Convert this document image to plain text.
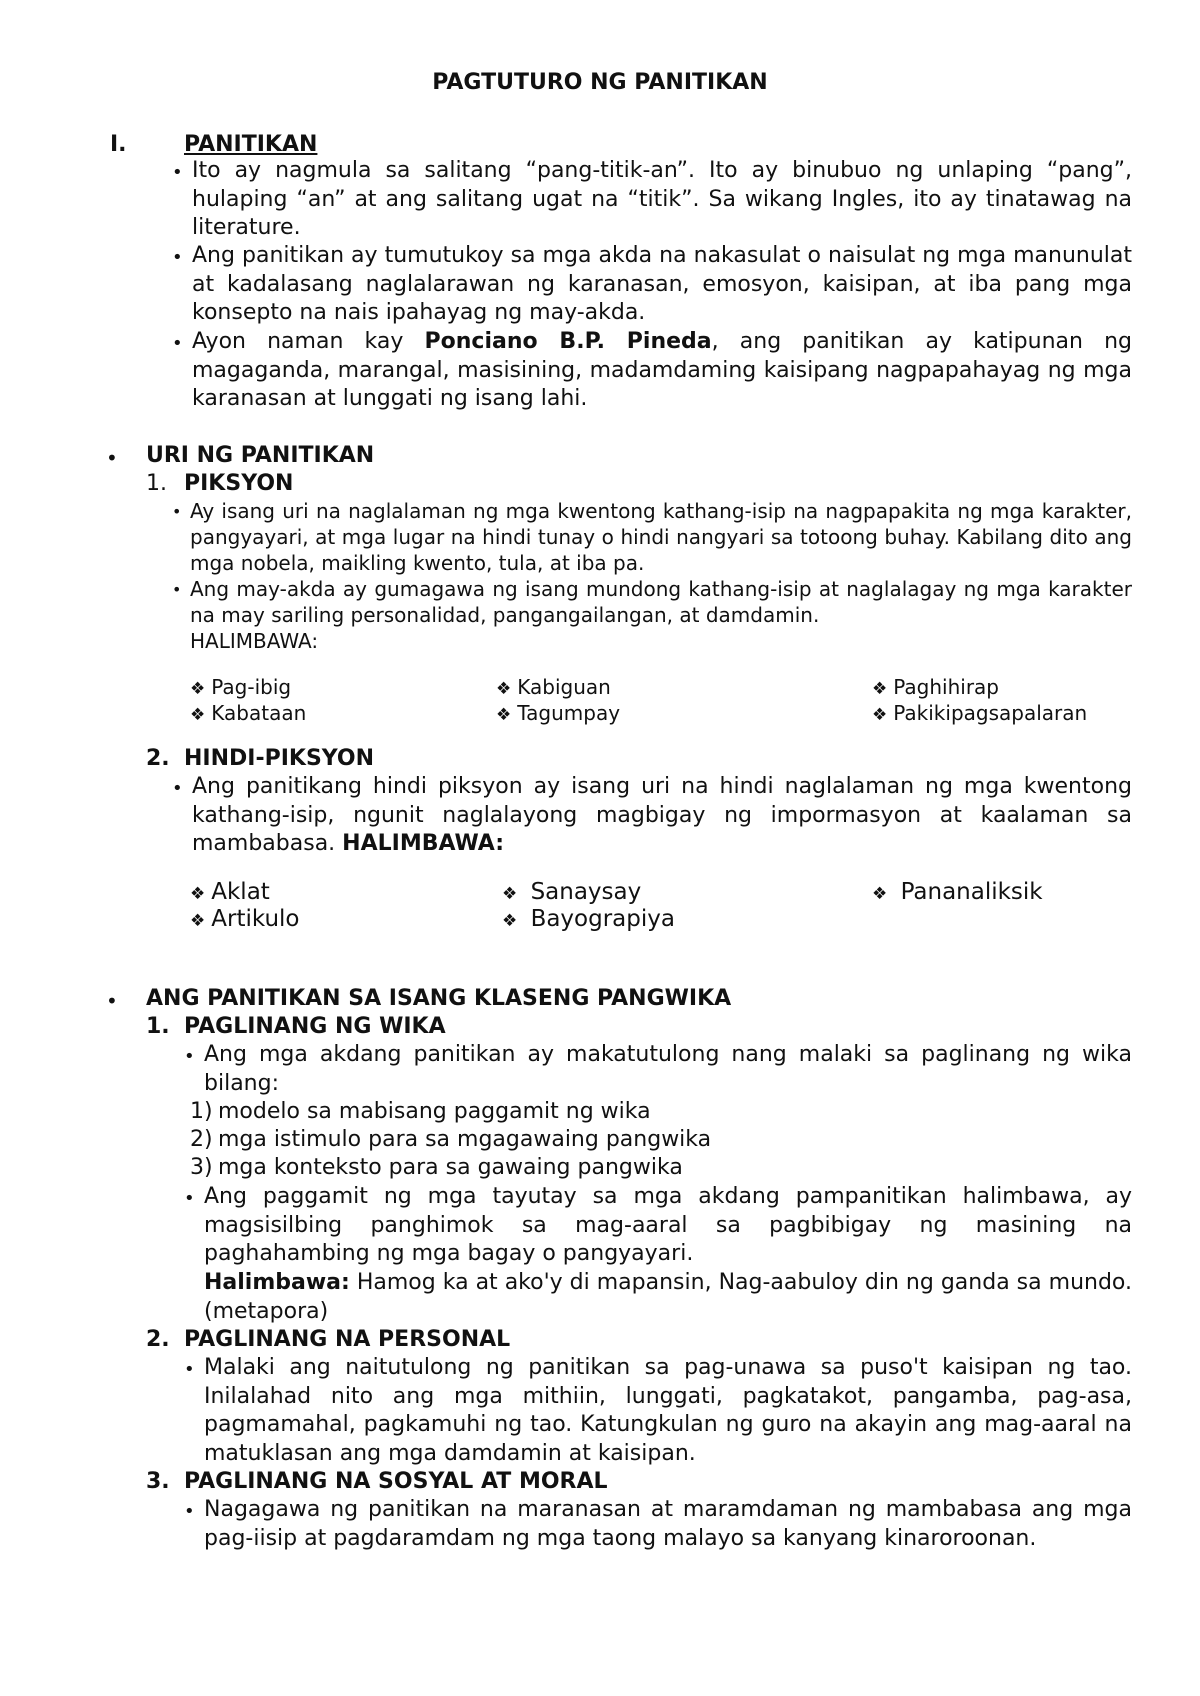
PAGTUTURO NG PANITIKAN
I.	PANITIKAN
• Ito ay nagmula sa salitang “pang-titik-an”. Ito ay binubuo ng unlaping “pang”, hulaping “an” at ang salitang ugat na “titik”. Sa wikang Ingles, ito ay tinatawag na literature.
• Ang panitikan ay tumutukoy sa mga akda na nakasulat o naisulat ng mga manunulat at kadalasang naglalarawan ng karanasan, emosyon, kaisipan, at iba pang mga konsepto na nais ipahayag ng may-akda.
• Ayon naman kay Ponciano B.P. Pineda, ang panitikan ay katipunan ng magaganda, marangal, masisining, madamdaming kaisipang nagpapahayag ng mga karanasan at lunggati ng isang lahi.
• URI NG PANITIKAN
1. PIKSYON
• Ay isang uri na naglalaman ng mga kwentong kathang-isip na nagpapakita ng mga karakter, pangyayari, at mga lugar na hindi tunay o hindi nangyari sa totoong buhay. Kabilang dito ang mga nobela, maikling kwento, tula, at iba pa.
• Ang may-akda ay gumagawa ng isang mundong kathang-isip at naglalagay ng mga karakter na may sariling personalidad, pangangailangan, at damdamin.
HALIMBAWA:
❖ Pag-ibig	❖ Kabiguan	❖ Paghihirap
❖ Kabataan	❖ Tagumpay	❖ Pakikipagsapalaran
2. HINDI-PIKSYON
• Ang panitikang hindi piksyon ay isang uri na hindi naglalaman ng mga kwentong kathang-isip, ngunit naglalayong magbigay ng impormasyon at kaalaman sa mambabasa. HALIMBAWA:
❖ Aklat	❖ Sanaysay	❖ Pananaliksik
❖ Artikulo	❖ Bayograpiya
• ANG PANITIKAN SA ISANG KLASENG PANGWIKA
1. PAGLINANG NG WIKA
• Ang mga akdang panitikan ay makatutulong nang malaki sa paglinang ng wika bilang:
1) modelo sa mabisang paggamit ng wika
2) mga istimulo para sa mgagawaing pangwika
3) mga konteksto para sa gawaing pangwika
• Ang paggamit ng mga tayutay sa mga akdang pampanitikan halimbawa, ay magsisilbing panghimok sa mag-aaral sa pagbibigay ng masining na paghahambing ng mga bagay o pangyayari.
Halimbawa: Hamog ka at ako'y di mapansin, Nag-aabuloy din ng ganda sa mundo. (metapora)
2. PAGLINANG NA PERSONAL
• Malaki ang naitutulong ng panitikan sa pag-unawa sa puso't kaisipan ng tao. Inilalahad nito ang mga mithiin, lunggati, pagkatakot, pangamba, pag-asa, pagmamahal, pagkamuhi ng tao. Katungkulan ng guro na akayin ang mag-aaral na matuklasan ang mga damdamin at kaisipan.
3. PAGLINANG NA SOSYAL AT MORAL
• Nagagawa ng panitikan na maranasan at maramdaman ng mambabasa ang mga pag-iisip at pagdaramdam ng mga taong malayo sa kanyang kinaroroonan.
